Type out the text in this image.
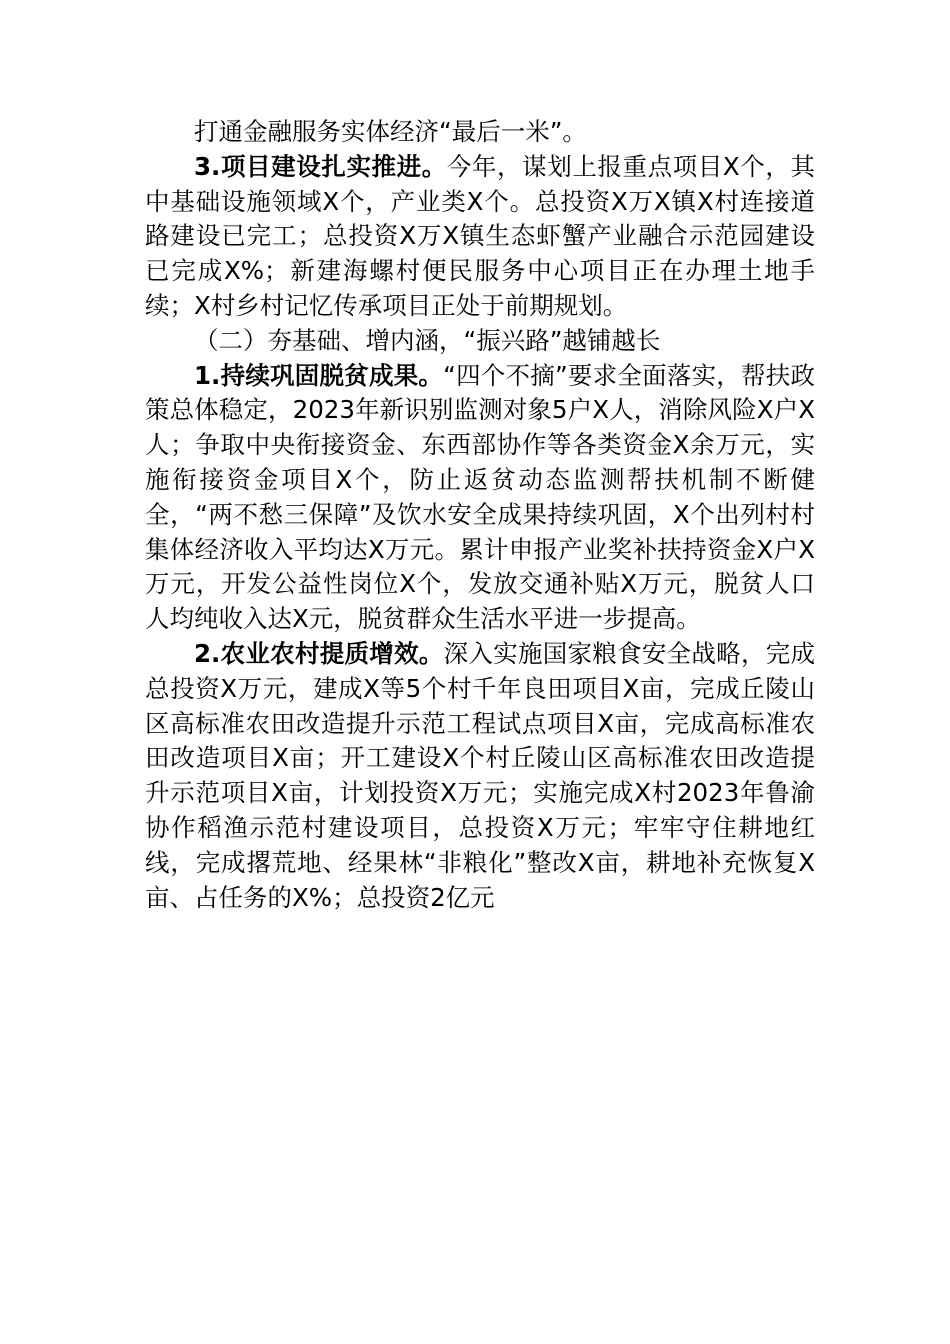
打通金融服务实体经济“最后一米”。

3.项目建设扎实推进。今年，谋划上报重点项目X个，其中基础设施领域X个，产业类X个。总投资X万X镇X村连接道路建设已完工；总投资X万X镇生态虾蟹产业融合示范园建设已完成X%；新建海螺村便民服务中心项目正在办理土地手续；X村乡村记忆传承项目正处于前期规划。

（二）夯基础、增内涵，“振兴路”越铺越长

1.持续巩固脱贫成果。“四个不摘”要求全面落实，帮扶政策总体稳定，2023年新识别监测对象5户X人，消除风险X户X人；争取中央衔接资金、东西部协作等各类资金X余万元，实施衔接资金项目X个，防止返贫动态监测帮扶机制不断健全，“两不愁三保障”及饮水安全成果持续巩固，X个出列村村集体经济收入平均达X万元。累计申报产业奖补扶持资金X户X万元，开发公益性岗位X个，发放交通补贴X万元，脱贫人口人均纯收入达X元，脱贫群众生活水平进一步提高。

2.农业农村提质增效。深入实施国家粮食安全战略，完成总投资X万元，建成X等5个村千年良田项目X亩，完成丘陵山区高标准农田改造提升示范工程试点项目X亩，完成高标准农田改造项目X亩；开工建设X个村丘陵山区高标准农田改造提升示范项目X亩，计划投资X万元；实施完成X村2023年鲁渝协作稻渔示范村建设项目，总投资X万元；牢牢守住耕地红线，完成撂荒地、经果林“非粮化”整改X亩，耕地补充恢复X亩、占任务的X%；总投资2亿元
